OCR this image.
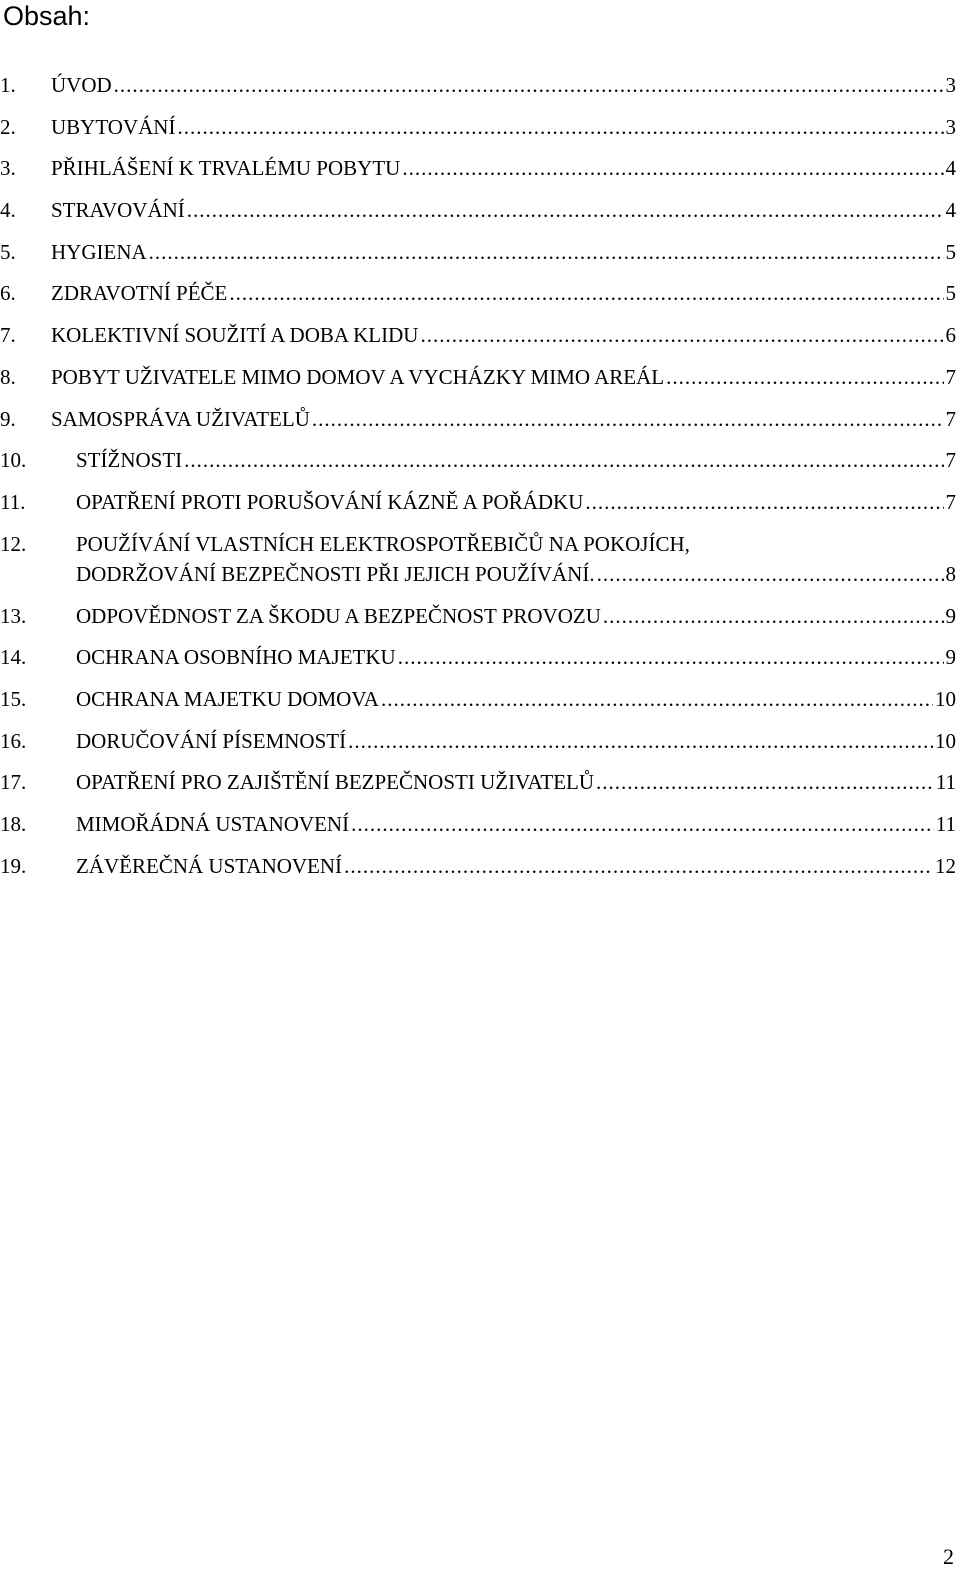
Obsah:
1.	ÚVOD .....	3
2.	UBYTOVÁNÍ .....	3
3.	PŘIHLÁŠENÍ K TRVALÉMU POBYTU .....	4
4.	STRAVOVÁNÍ .....	4
5.	HYGIENA .....	5
6.	ZDRAVOTNÍ PÉČE .....	5
7.	KOLEKTIVNÍ SOUŽITÍ A DOBA KLIDU .....	6
8.	POBYT UŽIVATELE MIMO DOMOV A VYCHÁZKY MIMO AREÁL .....	7
9.	SAMOSPRÁVA UŽIVATELŮ .....	7
10.	STÍŽNOSTI .....	7
11.	OPATŘENÍ PROTI PORUŠOVÁNÍ KÁZNĚ A POŘÁDKU .....	7
12.	POUŽÍVÁNÍ VLASTNÍCH ELEKTROSPOTŘEBIČŮ NA POKOJÍCH,
DODRŽOVÁNÍ BEZPEČNOSTI PŘI JEJICH POUŽÍVÁNÍ. .....	8
13.	ODPOVĚDNOST ZA ŠKODU A BEZPEČNOST PROVOZU .....	9
14.	OCHRANA OSOBNÍHO MAJETKU .....	9
15.	OCHRANA MAJETKU DOMOVA .....	10
16.	DORUČOVÁNÍ PÍSEMNOSTÍ .....	10
17.	OPATŘENÍ PRO ZAJIŠTĚNÍ BEZPEČNOSTI UŽIVATELŮ .....	11
18.	MIMOŘÁDNÁ USTANOVENÍ .....	11
19.	ZÁVĚREČNÁ USTANOVENÍ .....	12
2
